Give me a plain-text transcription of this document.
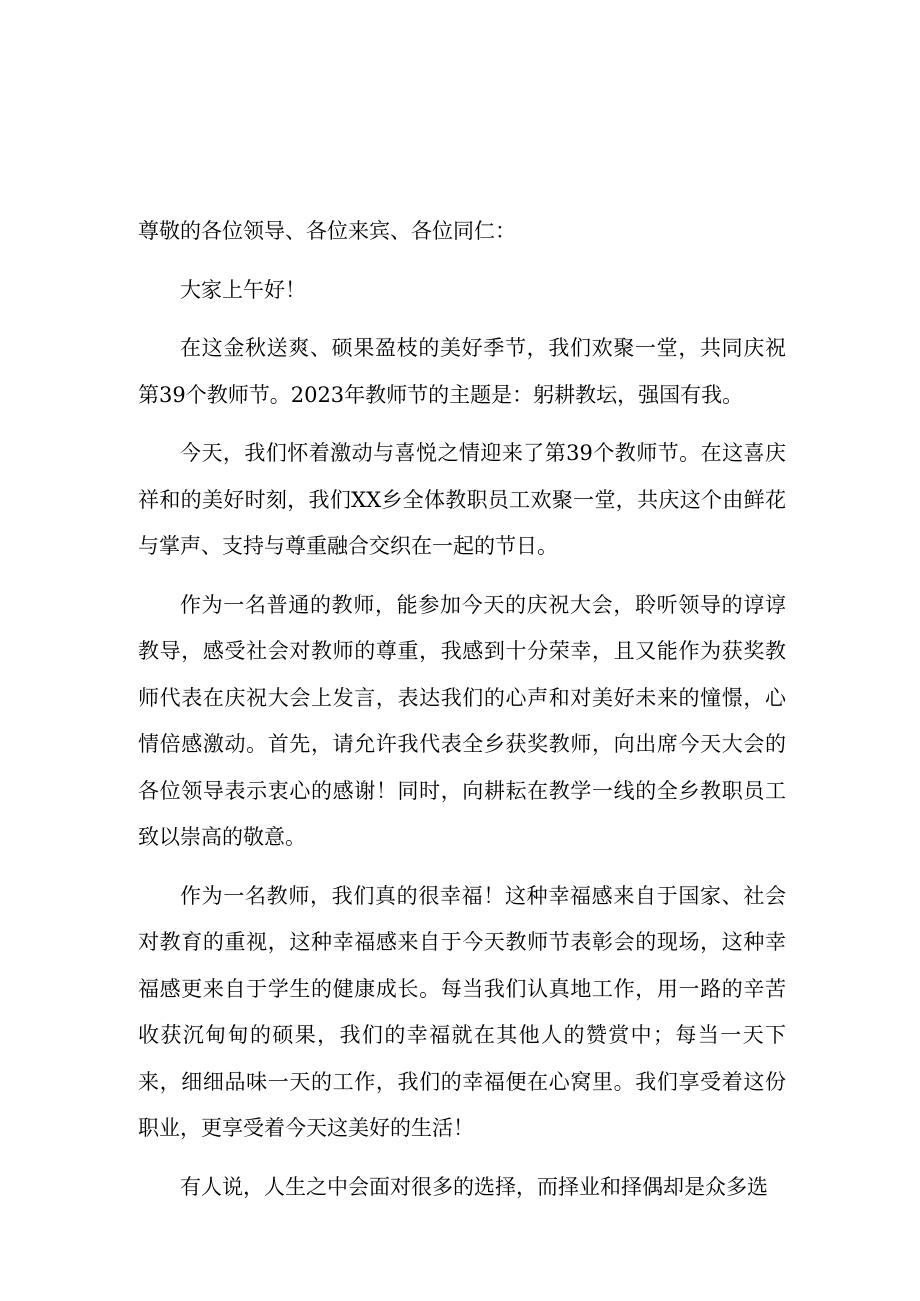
尊敬的各位领导、各位来宾、各位同仁：

大家上午好！

在这金秋送爽、硕果盈枝的美好季节，我们欢聚一堂，共同庆祝第39个教师节。2023年教师节的主题是：躬耕教坛，强国有我。

今天，我们怀着激动与喜悦之情迎来了第39个教师节。在这喜庆祥和的美好时刻，我们XX乡全体教职员工欢聚一堂，共庆这个由鲜花与掌声、支持与尊重融合交织在一起的节日。

作为一名普通的教师，能参加今天的庆祝大会，聆听领导的谆谆教导，感受社会对教师的尊重，我感到十分荣幸，且又能作为获奖教师代表在庆祝大会上发言，表达我们的心声和对美好未来的憧憬，心情倍感激动。首先，请允许我代表全乡获奖教师，向出席今天大会的各位领导表示衷心的感谢！同时，向耕耘在教学一线的全乡教职员工致以崇高的敬意。

作为一名教师，我们真的很幸福！这种幸福感来自于国家、社会对教育的重视，这种幸福感来自于今天教师节表彰会的现场，这种幸福感更来自于学生的健康成长。每当我们认真地工作，用一路的辛苦收获沉甸甸的硕果，我们的幸福就在其他人的赞赏中；每当一天下来，细细品味一天的工作，我们的幸福便在心窝里。我们享受着这份职业，更享受着今天这美好的生活！

有人说，人生之中会面对很多的选择，而择业和择偶却是众多选
